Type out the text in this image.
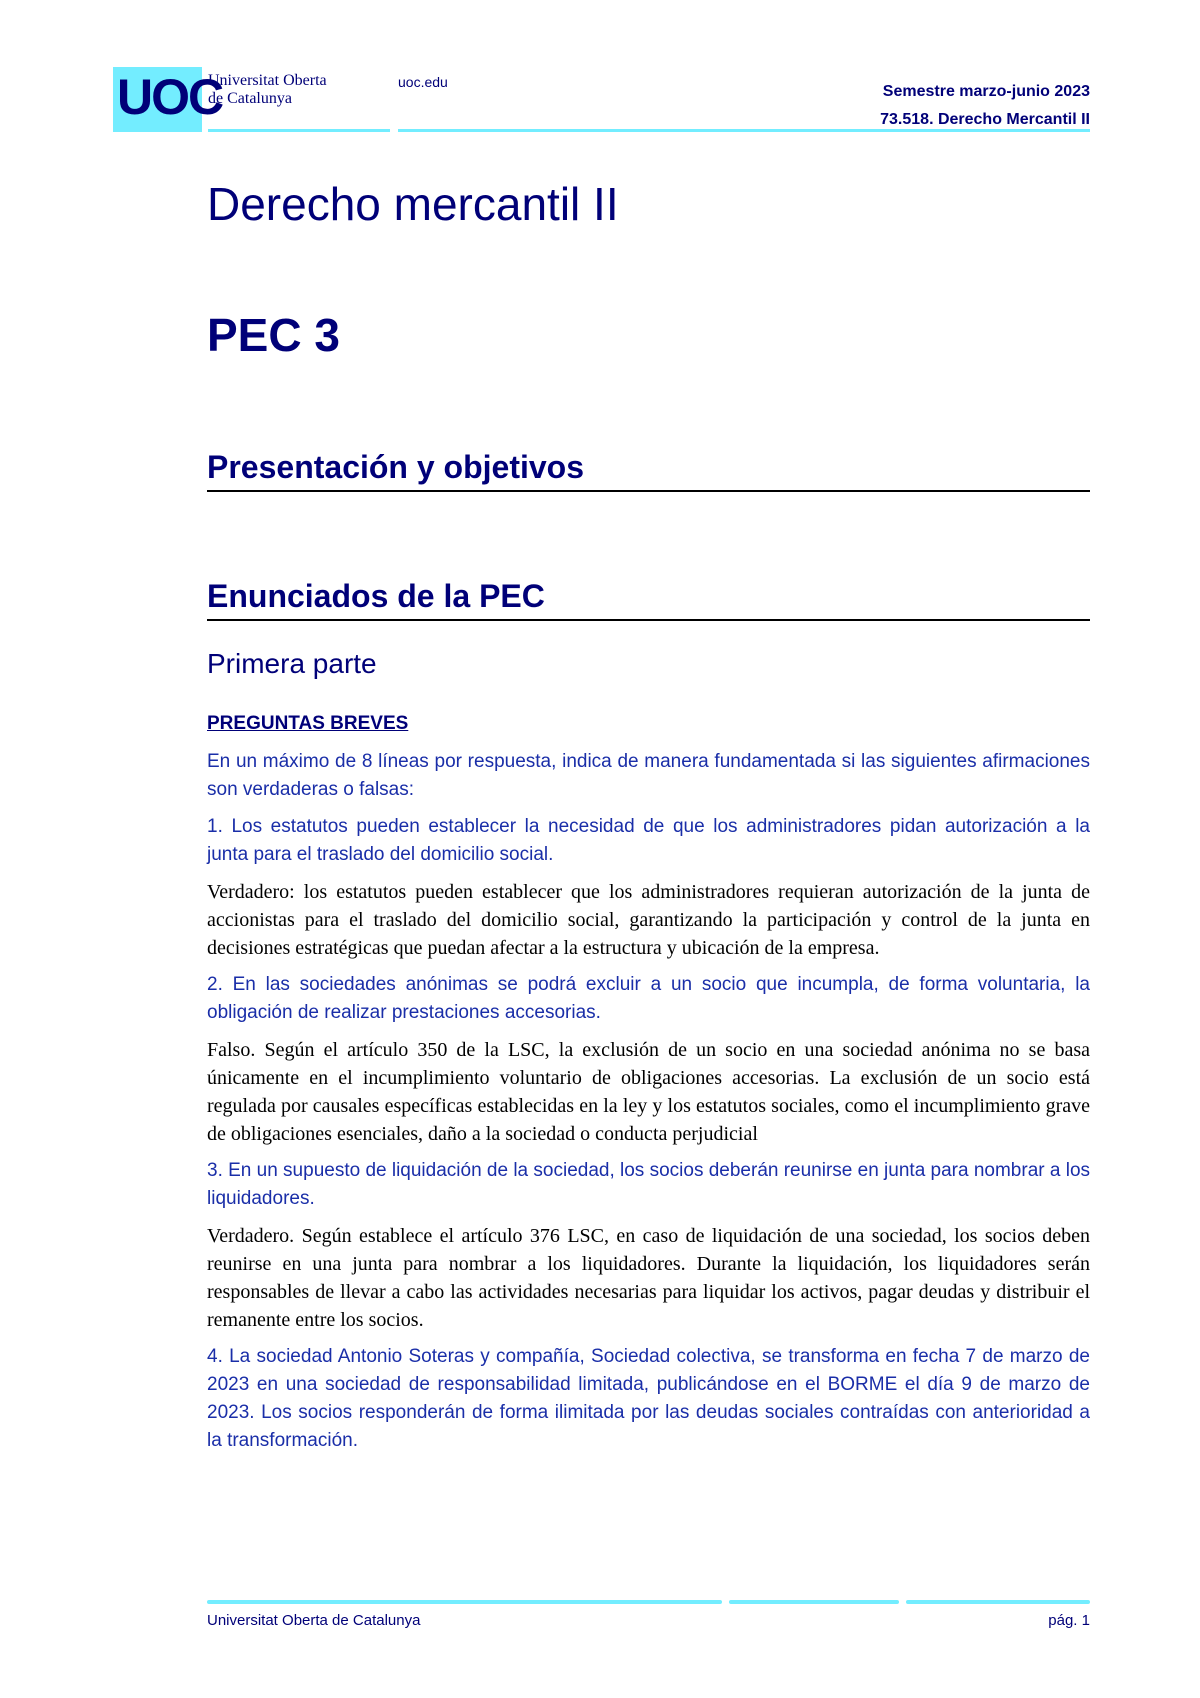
UOC
Universitat Oberta
de Catalunya
uoc.edu
Semestre marzo-junio 2023
73.518. Derecho Mercantil II
Derecho mercantil II
PEC 3
Presentación y objetivos
Enunciados de la PEC
Primera parte

PREGUNTAS BREVES

En un máximo de 8 líneas por respuesta, indica de manera fundamentada si las siguientes afirmaciones son verdaderas o falsas:

1. Los estatutos pueden establecer la necesidad de que los administradores pidan autorización a la junta para el traslado del domicilio social.

Verdadero: los estatutos pueden establecer que los administradores requieran autorización de la junta de accionistas para el traslado del domicilio social, garantizando la participación y control de la junta en decisiones estratégicas que puedan afectar a la estructura y ubicación de la empresa.

2. En las sociedades anónimas se podrá excluir a un socio que incumpla, de forma voluntaria, la obligación de realizar prestaciones accesorias.

Falso. Según el artículo 350 de la LSC, la exclusión de un socio en una sociedad anónima no se basa únicamente en el incumplimiento voluntario de obligaciones accesorias. La exclusión de un socio está regulada por causales específicas establecidas en la ley y los estatutos sociales, como el incumplimiento grave de obligaciones esenciales, daño a la sociedad o conducta perjudicial

3. En un supuesto de liquidación de la sociedad, los socios deberán reunirse en junta para nombrar a los liquidadores.

Verdadero. Según establece el artículo 376 LSC, en caso de liquidación de una sociedad, los socios deben reunirse en una junta para nombrar a los liquidadores. Durante la liquidación, los liquidadores serán responsables de llevar a cabo las actividades necesarias para liquidar los activos, pagar deudas y distribuir el remanente entre los socios.

4. La sociedad Antonio Soteras y compañía, Sociedad colectiva, se transforma en fecha 7 de marzo de 2023 en una sociedad de responsabilidad limitada, publicándose en el BORME el día 9 de marzo de 2023. Los socios responderán de forma ilimitada por las deudas sociales contraídas con anterioridad a la transformación.

Universitat Oberta de Catalunya	pág. 1
